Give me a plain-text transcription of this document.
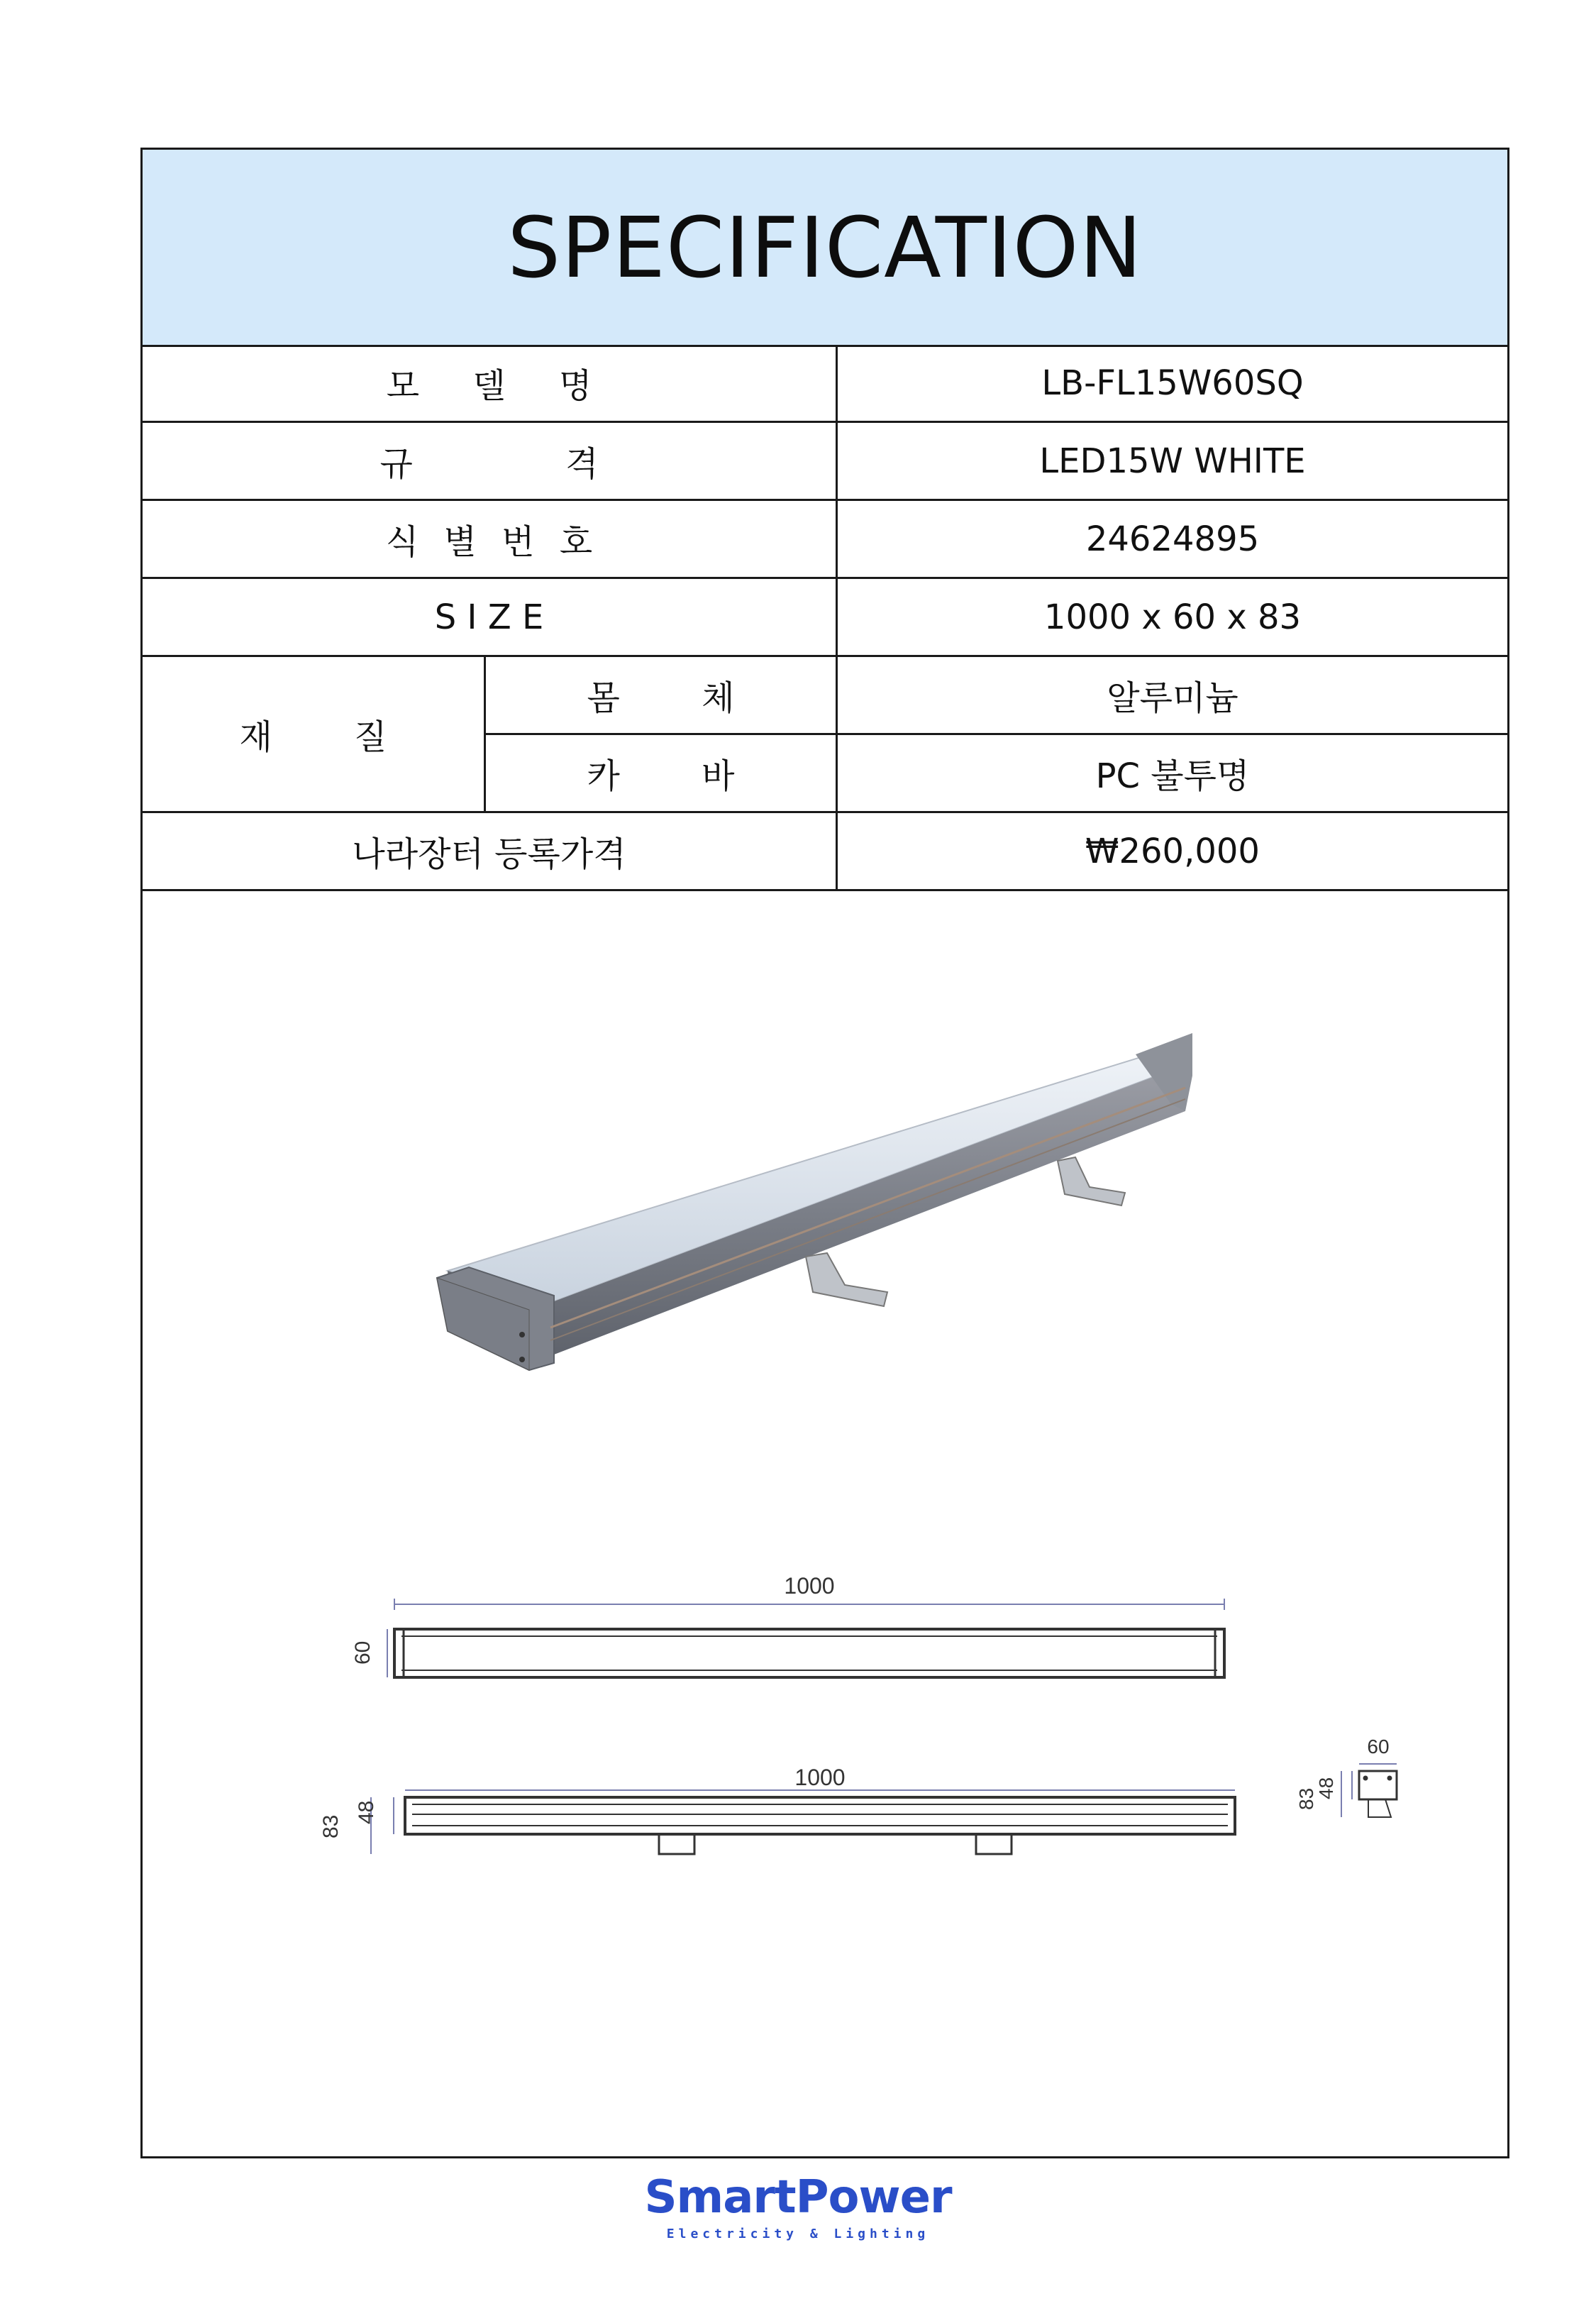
SPECIFICATION
모 델 명	LB-FL15W60SQ
규 격	LED15W WHITE
식 별 번 호	24624895
S I Z E	1000 x 60 x 83
재 질
몸 체	알루미늄
카 바	PC 불투명
나라장터 등록가격	₩260,000
1000
60
1000
83
48
60
83
48
SmartPower
Electricity & Lighting
